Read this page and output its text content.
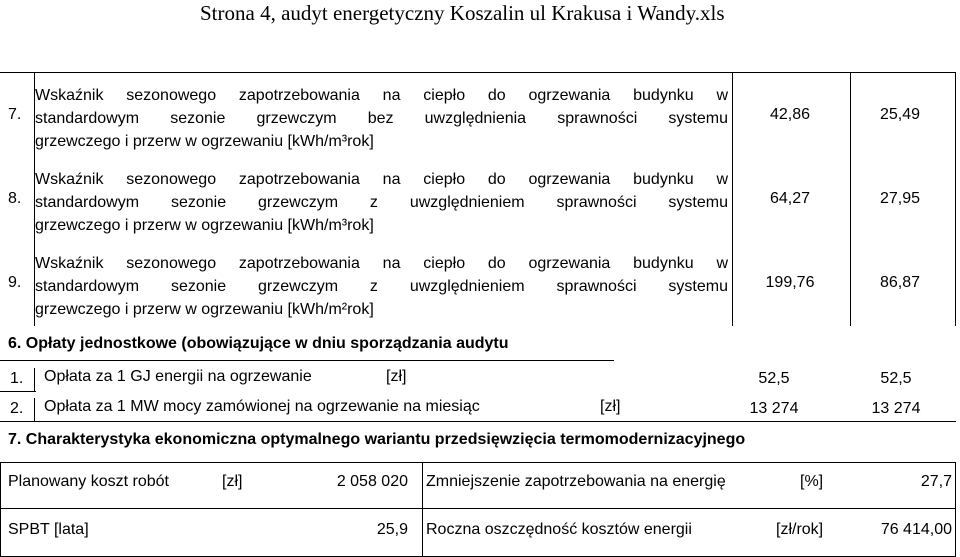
Strona 4, audyt energetyczny Koszalin ul Krakusa i Wandy.xls
7.
Wskaźnik sezonowego zapotrzebowania na ciepło do ogrzewania budynku w
standardowym sezonie grzewczym bez uwzględnienia sprawności systemu
grzewczego i przerw w ogrzewaniu [kWh/m³rok]
42,86	25,49
8.
Wskaźnik sezonowego zapotrzebowania na ciepło do ogrzewania budynku w
standardowym sezonie grzewczym z uwzględnieniem sprawności systemu
grzewczego i przerw w ogrzewaniu [kWh/m³rok]
64,27	27,95
9.
Wskaźnik sezonowego zapotrzebowania na ciepło do ogrzewania budynku w
standardowym sezonie grzewczym z uwzględnieniem sprawności systemu
grzewczego i przerw w ogrzewaniu [kWh/m²rok]
199,76	86,87
6. Opłaty jednostkowe (obowiązujące w dniu sporządzania audytu
1. Opłata za 1 GJ energii na ogrzewanie	[zł]	52,5	52,5
2. Opłata za 1 MW mocy zamówionej na ogrzewanie na miesiąc	[zł]	13 274	13 274
7. Charakterystyka ekonomiczna optymalnego wariantu przedsięwzięcia termomodernizacyjnego
Planowany koszt robót	[zł]	2 058 020 Zmniejszenie zapotrzebowania na energię	[%]	27,7
SPBT [lata]	25,9 Roczna oszczędność kosztów energii	[zł/rok]	76 414,00
